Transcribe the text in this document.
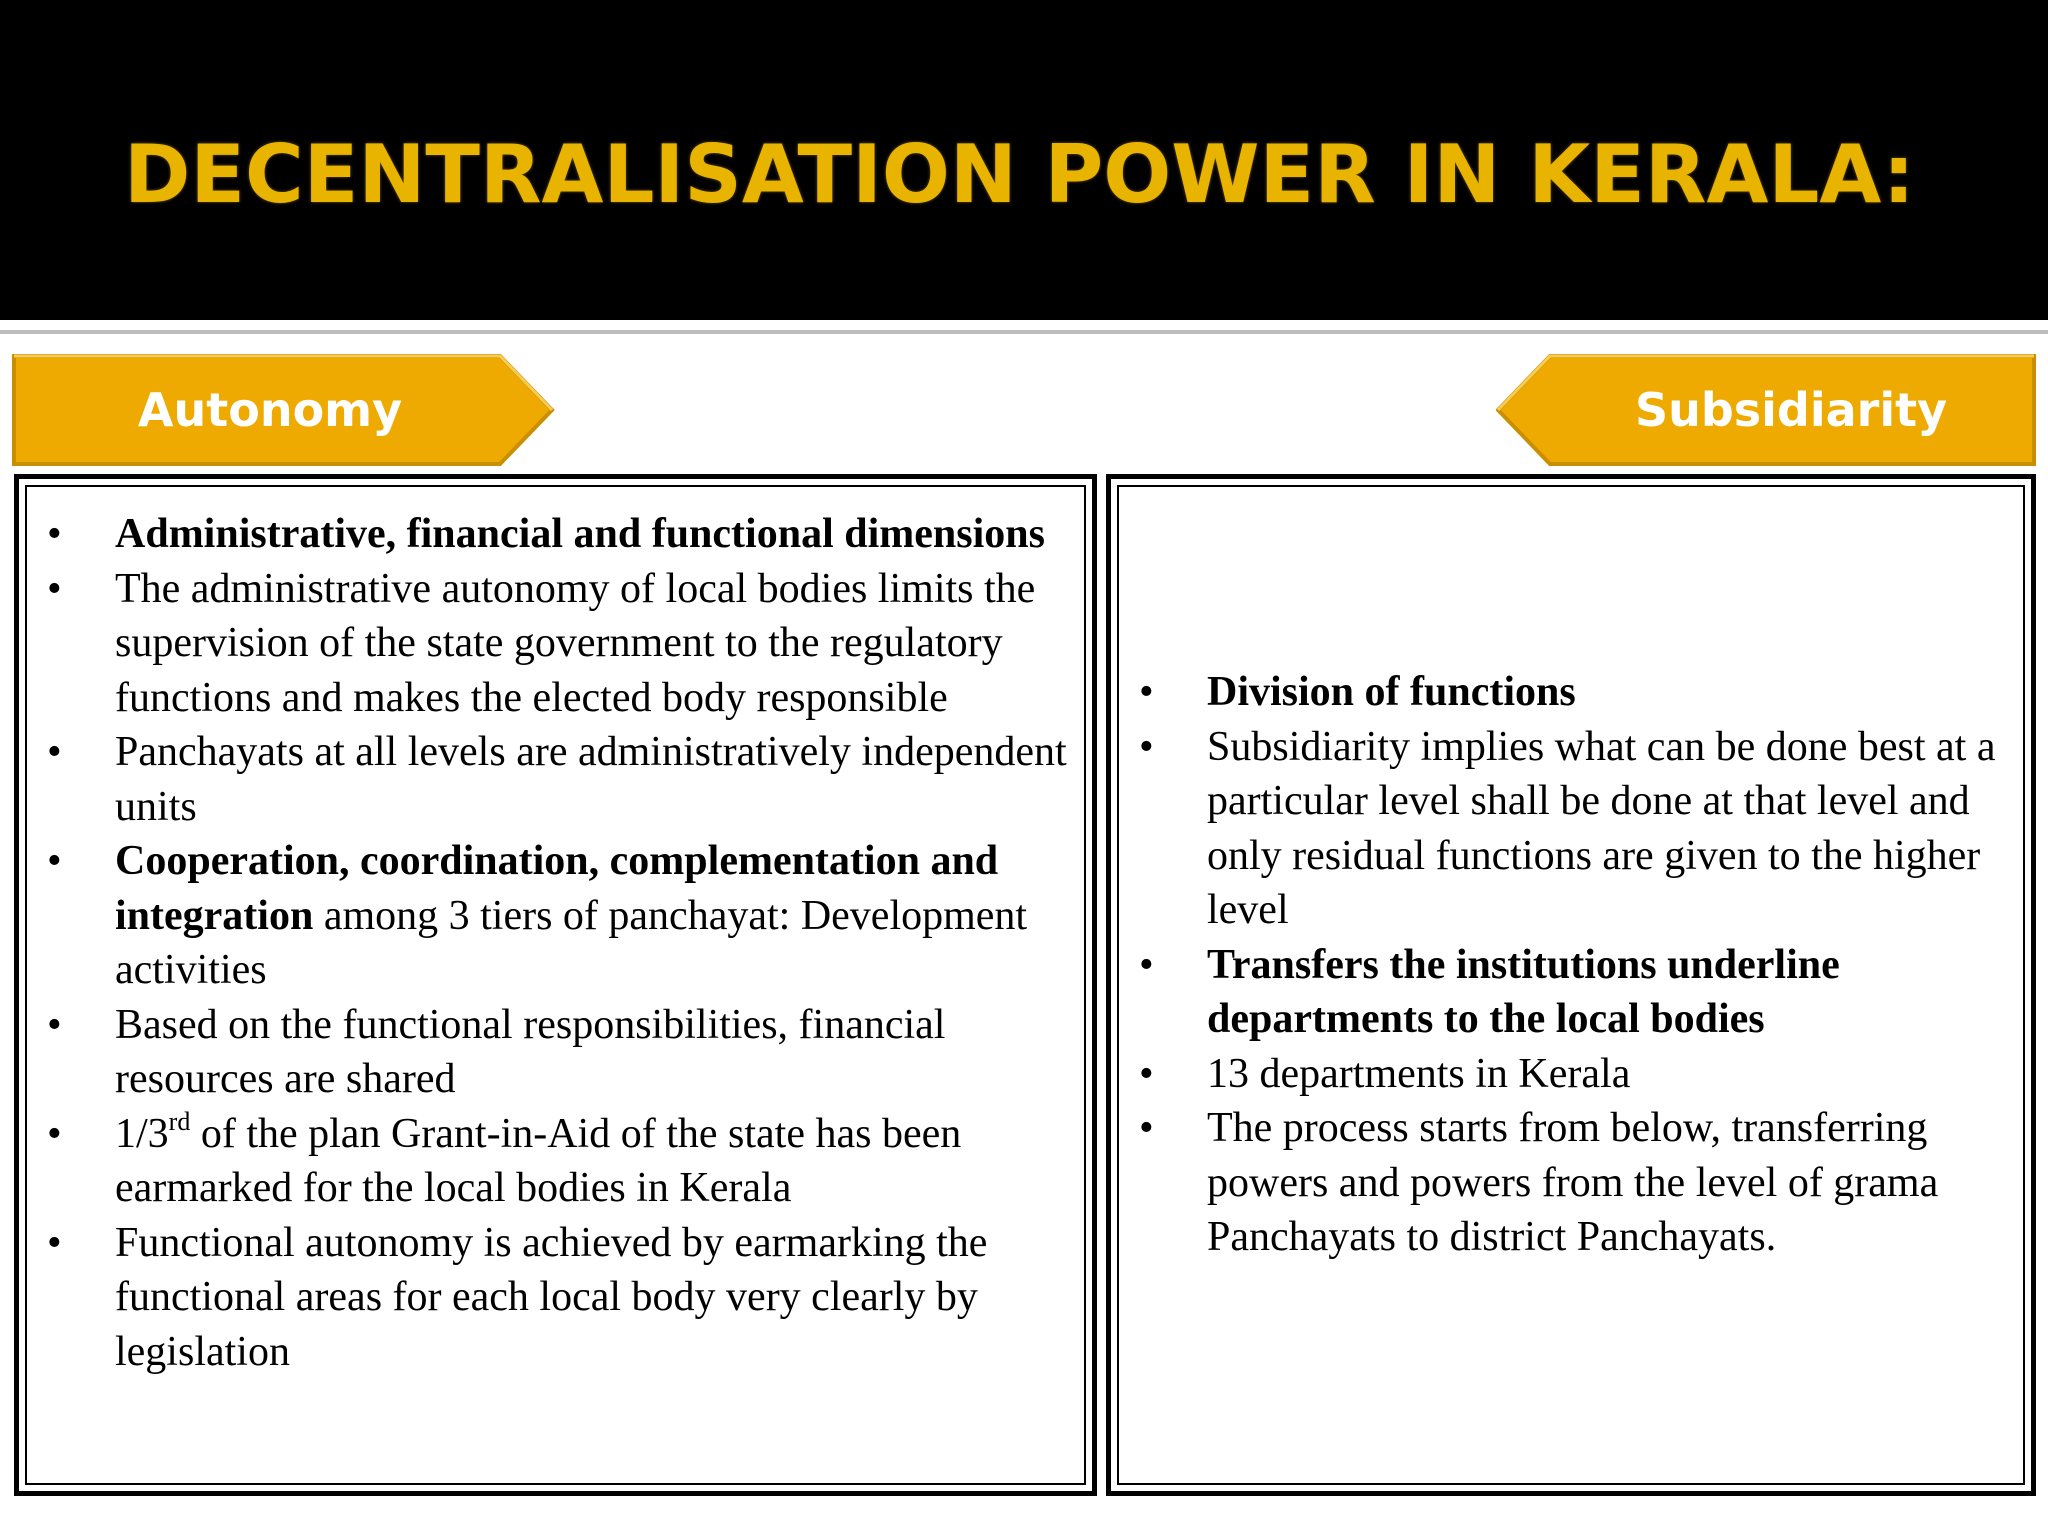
DECENTRALISATION POWER IN KERALA:
Autonomy	Subsidiarity
• Administrative, financial and functional dimensions
• The administrative autonomy of local bodies limits the supervision of the state government to the regulatory functions and makes the elected body responsible
• Panchayats at all levels are administratively independent units
• Cooperation, coordination, complementation and integration among 3 tiers of panchayat: Development activities
• Based on the functional responsibilities, financial resources are shared
• 1/3rd of the plan Grant-in-Aid of the state has been earmarked for the local bodies in Kerala
• Functional autonomy is achieved by earmarking the functional areas for each local body very clearly by legislation
• Division of functions
• Subsidiarity implies what can be done best at a particular level shall be done at that level and only residual functions are given to the higher level
• Transfers the institutions underline departments to the local bodies
• 13 departments in Kerala
• The process starts from below, transferring powers and powers from the level of grama Panchayats to district Panchayats.
